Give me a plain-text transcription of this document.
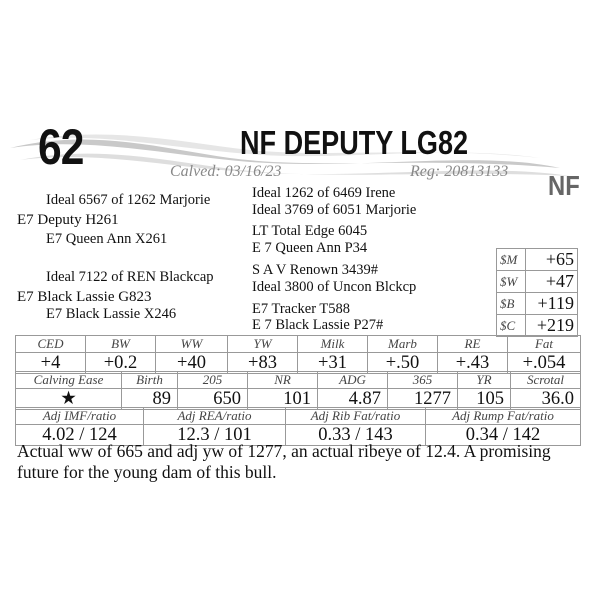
62	NF DEPUTY LG82
Calved: 03/16/23	Reg: 20813133 NF
Ideal 6567 of 1262 Marjorie
E7 Deputy H261
E7 Queen Ann X261
Ideal 7122 of REN Blackcap
E7 Black Lassie G823
E7 Black Lassie X246
Ideal 1262 of 6469 Irene
Ideal 3769 of 6051 Marjorie
LT Total Edge 6045
E 7 Queen Ann P34
S A V Renown 3439#
Ideal 3800 of Uncon Blckcp
E7 Tracker T588
E 7 Black Lassie P27#
$M	+65
$W	+47
$B	+119
$C	+219
CED	BW	WW	YW	Milk	Marb	RE	Fat
+4	+0.2	+40	+83	+31	+.50	+.43	+.054
Calving Ease	Birth	205	NR	ADG	365	YR	Scrotal
★	89	650	101	4.87	1277	105	36.0
Adj IMF/ratio	Adj REA/ratio	Adj Rib Fat/ratio	Adj Rump Fat/ratio
4.02 / 124	12.3 / 101	0.33 / 143	0.34 / 142
Actual ww of 665 and adj yw of 1277, an actual ribeye of 12.4. A promising future for the young dam of this bull.
